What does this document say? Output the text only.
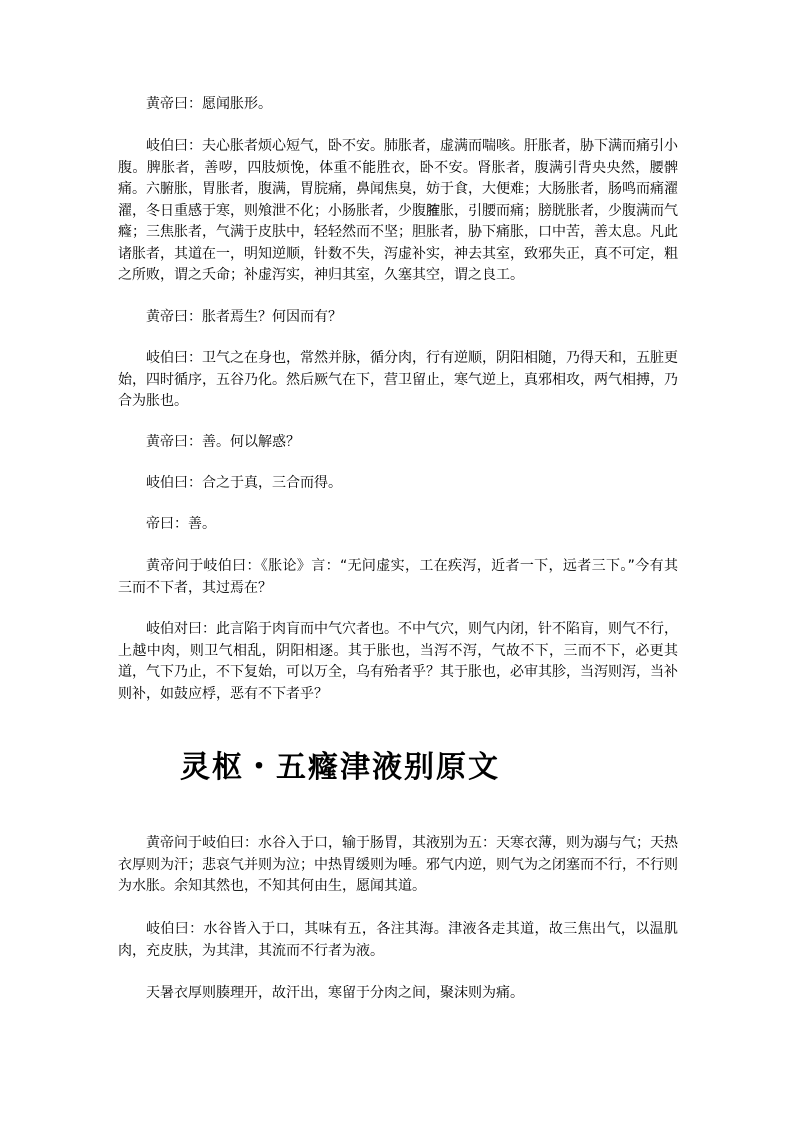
黄帝曰：愿闻胀形。

岐伯曰：夫心胀者烦心短气，卧不安。肺胀者，虚满而喘咳。肝胀者，胁下满而痛引小腹。脾胀者，善哕，四肢烦悗，体重不能胜衣，卧不安。肾胀者，腹满引背央央然，腰髀痛。六腑胀，胃胀者，腹满，胃脘痛，鼻闻焦臭，妨于食，大便难；大肠胀者，肠鸣而痛濯濯，冬日重感于寒，则飧泄不化；小肠胀者，少腹𦞦胀，引腰而痛；膀胱胀者，少腹满而气癃；三焦胀者，气满于皮肤中，轻轻然而不坚；胆胀者，胁下痛胀，口中苦，善太息。凡此诸胀者，其道在一，明知逆顺，针数不失，泻虚补实，神去其室，致邪失正，真不可定，粗之所败，谓之夭命；补虚泻实，神归其室，久塞其空，谓之良工。

黄帝曰：胀者焉生？何因而有？

岐伯曰：卫气之在身也，常然并脉，循分肉，行有逆顺，阴阳相随，乃得天和，五脏更始，四时循序，五谷乃化。然后厥气在下，营卫留止，寒气逆上，真邪相攻，两气相搏，乃合为胀也。

黄帝曰：善。何以解惑？

岐伯曰：合之于真，三合而得。

帝曰：善。

黄帝问于岐伯曰：《胀论》言：“无问虚实，工在疾泻，近者一下，远者三下。”今有其三而不下者，其过焉在？

岐伯对曰：此言陷于肉肓而中气穴者也。不中气穴，则气内闭，针不陷肓，则气不行，上越中肉，则卫气相乱，阴阳相逐。其于胀也，当泻不泻，气故不下，三而不下，必更其道，气下乃止，不下复始，可以万全，乌有殆者乎？其于胀也，必审其胗，当泻则泻，当补则补，如鼓应桴，恶有不下者乎？

灵枢・五癃津液别原文

黄帝问于岐伯曰：水谷入于口，输于肠胃，其液别为五：天寒衣薄，则为溺与气；天热衣厚则为汗；悲哀气并则为泣；中热胃缓则为唾。邪气内逆，则气为之闭塞而不行，不行则为水胀。余知其然也，不知其何由生，愿闻其道。

岐伯曰：水谷皆入于口，其味有五，各注其海。津液各走其道，故三焦出气，以温肌肉，充皮肤，为其津，其流而不行者为液。

天暑衣厚则腠理开，故汗出，寒留于分肉之间，聚沫则为痛。
